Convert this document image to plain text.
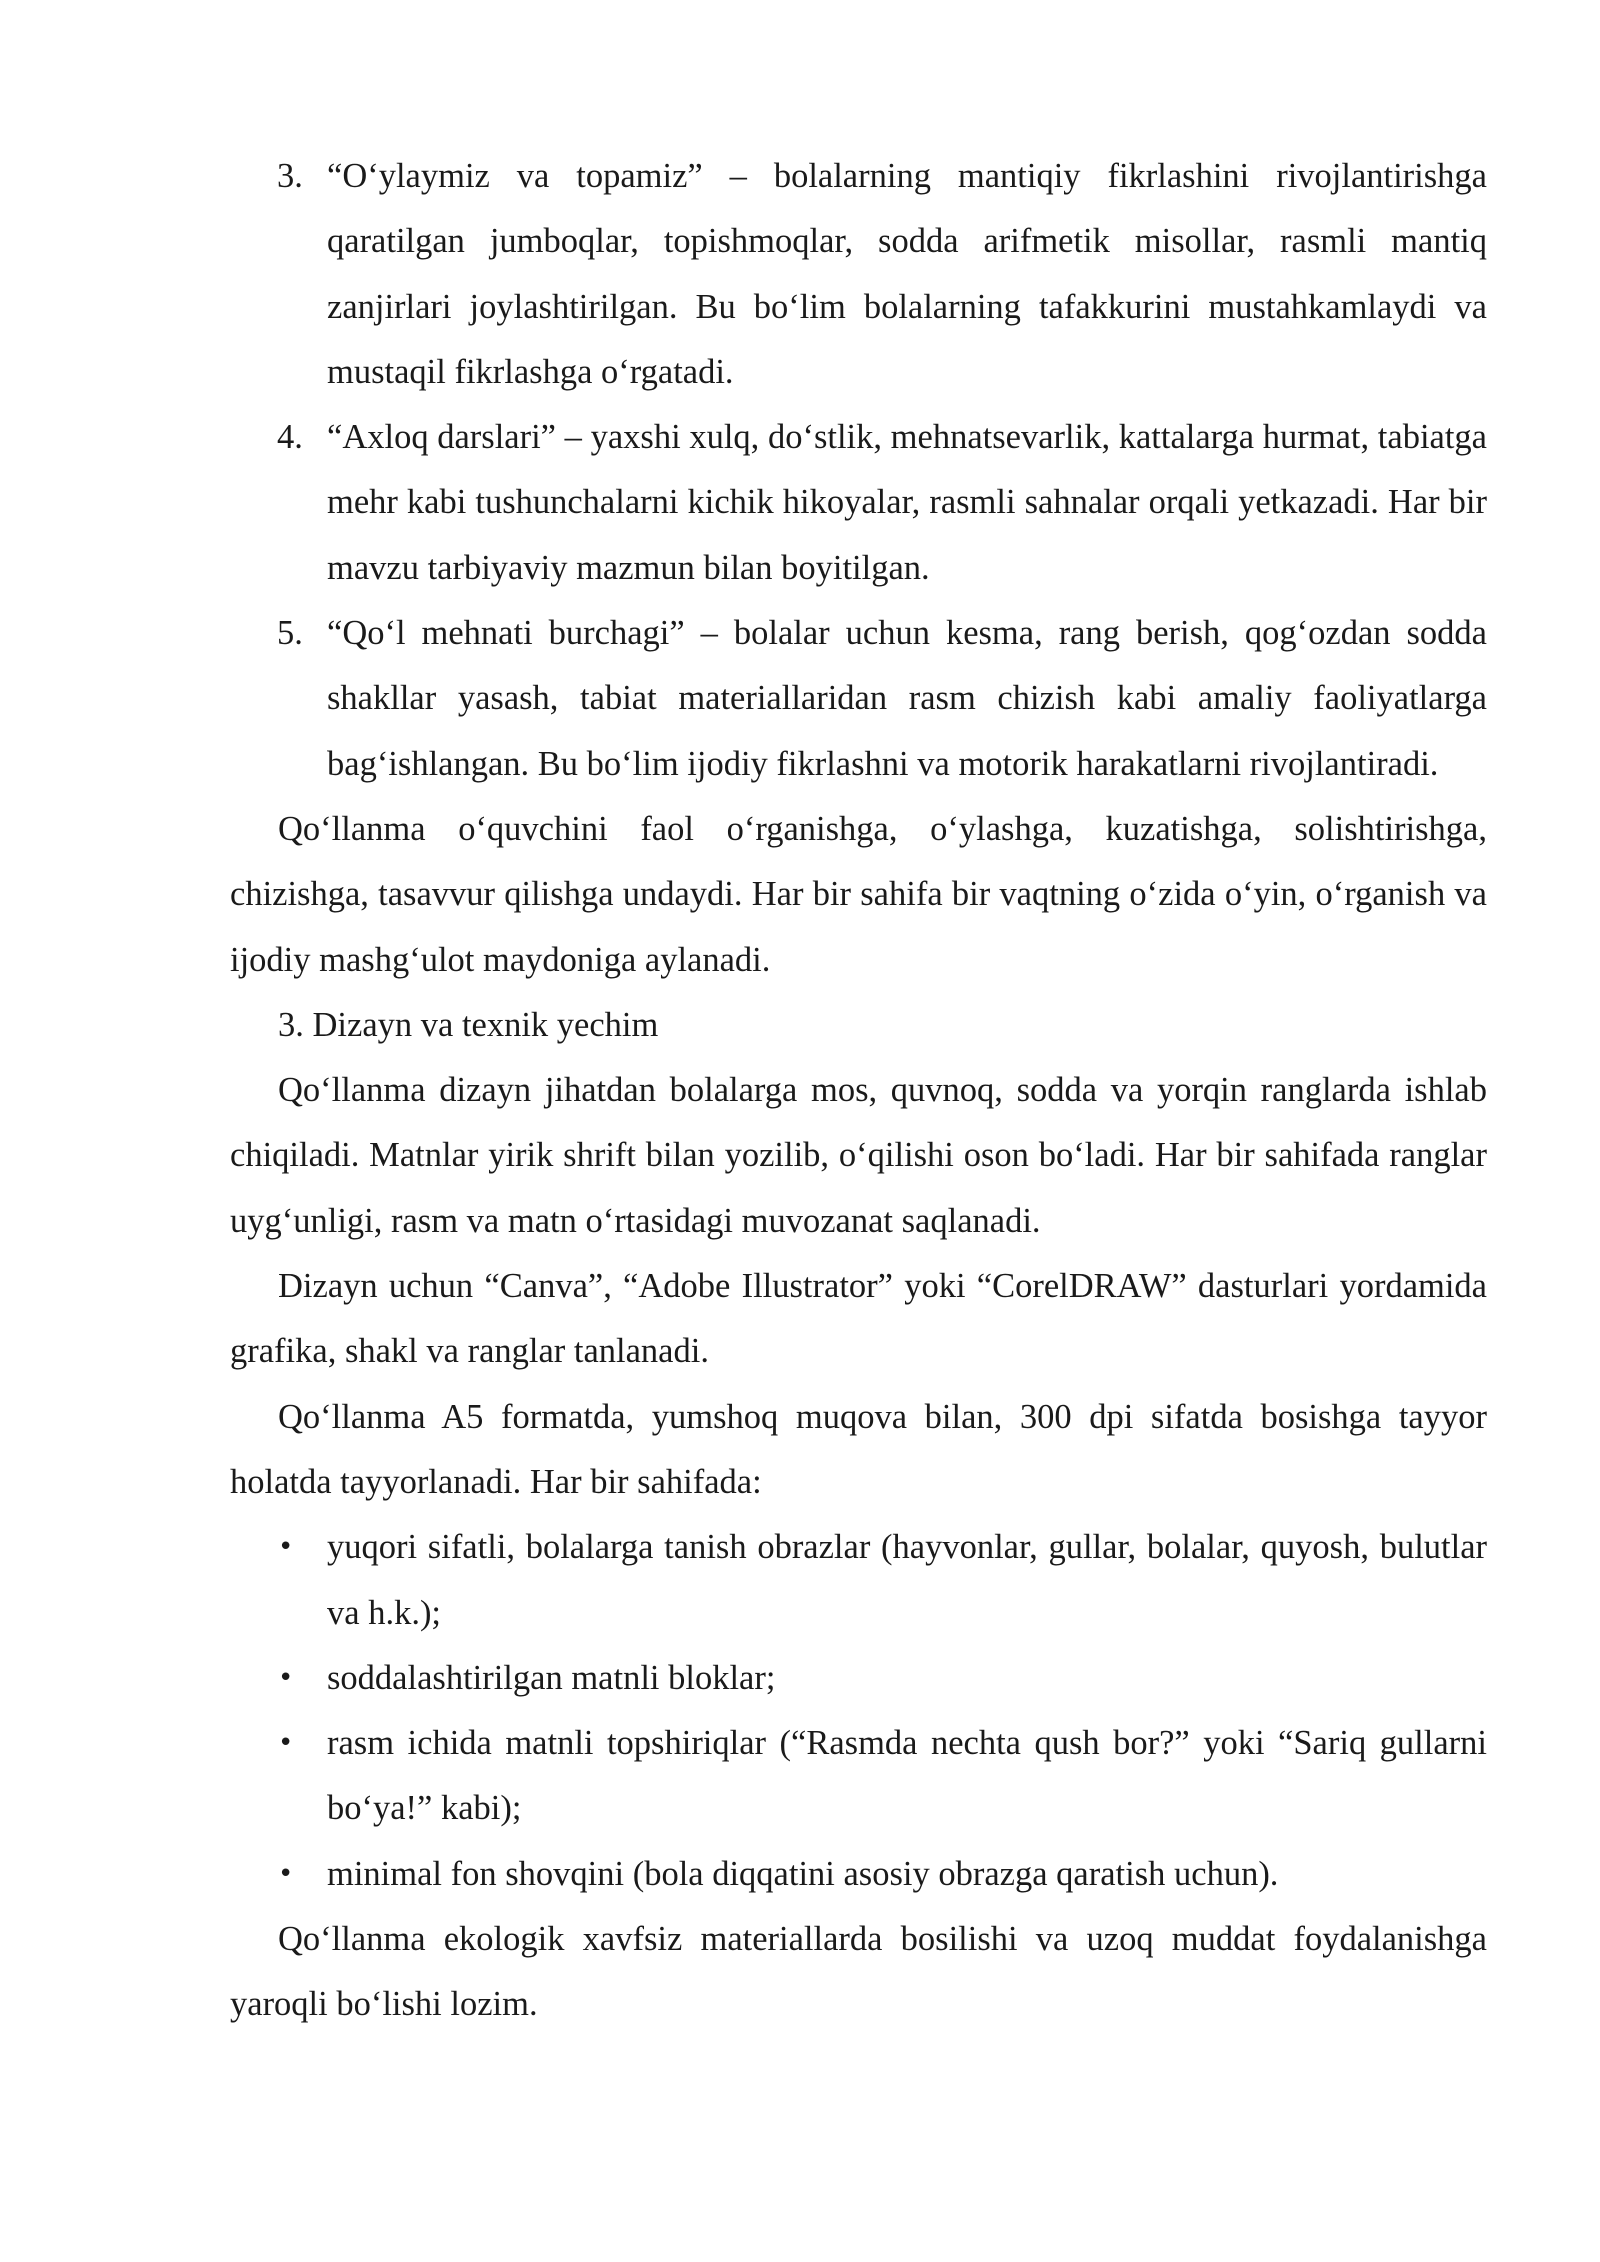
3. “O‘ylaymiz va topamiz” – bolalarning mantiqiy fikrlashini rivojlantirishga qaratilgan jumboqlar, topishmoqlar, sodda arifmetik misollar, rasmli mantiq zanjirlari joylashtirilgan. Bu bo‘lim bolalarning tafakkurini mustahkamlaydi va mustaqil fikrlashga o‘rgatadi.
4. “Axloq darslari” – yaxshi xulq, do‘stlik, mehnatsevarlik, kattalarga hurmat, tabiatga mehr kabi tushunchalarni kichik hikoyalar, rasmli sahnalar orqali yetkazadi. Har bir mavzu tarbiyaviy mazmun bilan boyitilgan.
5. “Qo‘l mehnati burchagi” – bolalar uchun kesma, rang berish, qog‘ozdan sodda shakllar yasash, tabiat materiallaridan rasm chizish kabi amaliy faoliyatlarga bag‘ishlangan. Bu bo‘lim ijodiy fikrlashni va motorik harakatlarni rivojlantiradi.

Qo‘llanma o‘quvchini faol o‘rganishga, o‘ylashga, kuzatishga, solishtirishga, chizishga, tasavvur qilishga undaydi. Har bir sahifa bir vaqtning o‘zida o‘yin, o‘rganish va ijodiy mashg‘ulot maydoniga aylanadi.

3. Dizayn va texnik yechim

Qo‘llanma dizayn jihatdan bolalarga mos, quvnoq, sodda va yorqin ranglarda ishlab chiqiladi. Matnlar yirik shrift bilan yozilib, o‘qilishi oson bo‘ladi. Har bir sahifada ranglar uyg‘unligi, rasm va matn o‘rtasidagi muvozanat saqlanadi.

Dizayn uchun “Canva”, “Adobe Illustrator” yoki “CorelDRAW” dasturlari yordamida grafika, shakl va ranglar tanlanadi.

Qo‘llanma A5 formatda, yumshoq muqova bilan, 300 dpi sifatda bosishga tayyor holatda tayyorlanadi. Har bir sahifada:

• yuqori sifatli, bolalarga tanish obrazlar (hayvonlar, gullar, bolalar, quyosh, bulutlar va h.k.);
• soddalashtirilgan matnli bloklar;
• rasm ichida matnli topshiriqlar (“Rasmda nechta qush bor?” yoki “Sariq gullarni bo‘ya!” kabi);
• minimal fon shovqini (bola diqqatini asosiy obrazga qaratish uchun).

Qo‘llanma ekologik xavfsiz materiallarda bosilishi va uzoq muddat foydalanishga yaroqli bo‘lishi lozim.
